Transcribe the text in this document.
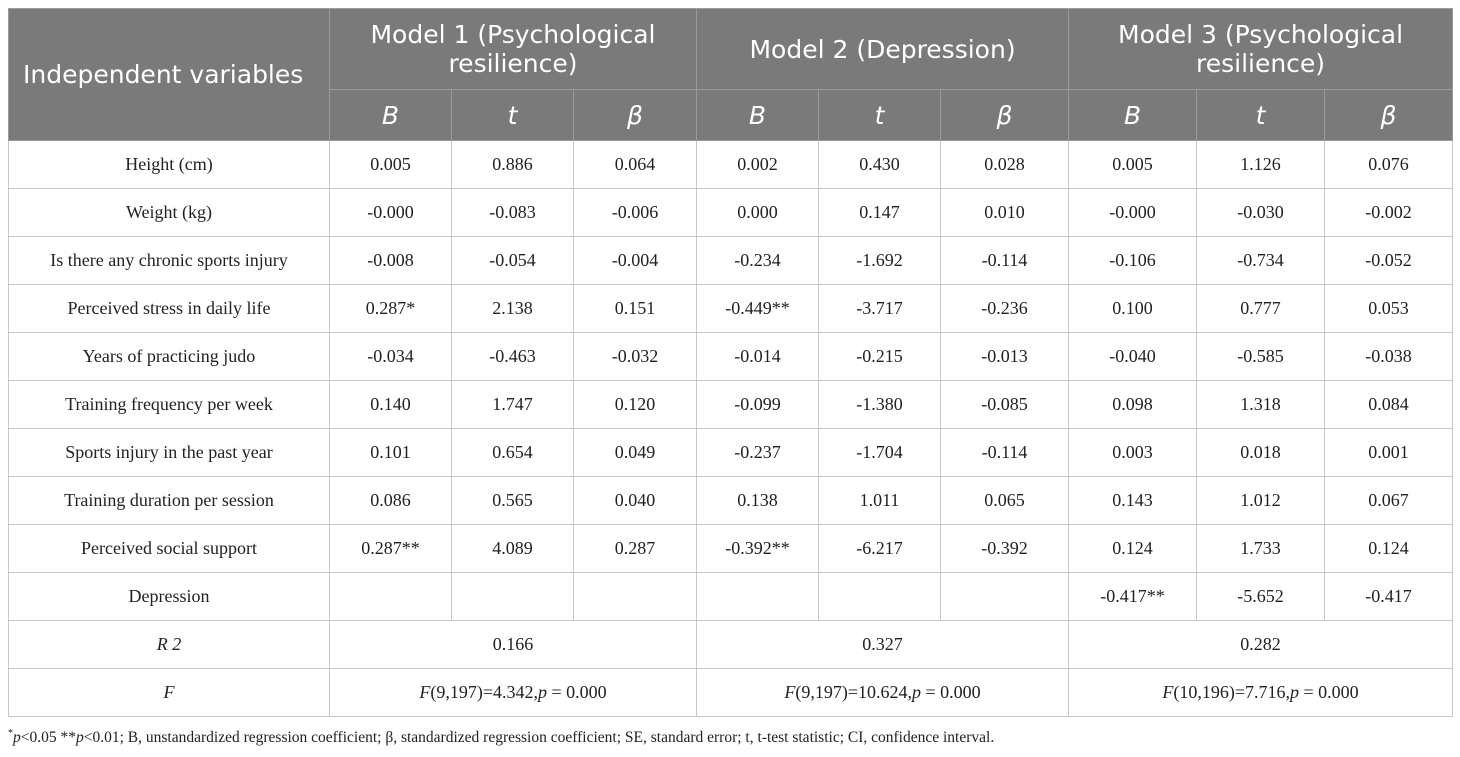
Independent variables	Model 1 (Psychological resilience)			Model 2 (Depression)			Model 3 (Psychological resilience)		
	B	t	β	B	t	β	B	t	β
Height (cm)	0.005	0.886	0.064	0.002	0.430	0.028	0.005	1.126	0.076
Weight (kg)	-0.000	-0.083	-0.006	0.000	0.147	0.010	-0.000	-0.030	-0.002
Is there any chronic sports injury	-0.008	-0.054	-0.004	-0.234	-1.692	-0.114	-0.106	-0.734	-0.052
Perceived stress in daily life	0.287*	2.138	0.151	-0.449**	-3.717	-0.236	0.100	0.777	0.053
Years of practicing judo	-0.034	-0.463	-0.032	-0.014	-0.215	-0.013	-0.040	-0.585	-0.038
Training frequency per week	0.140	1.747	0.120	-0.099	-1.380	-0.085	0.098	1.318	0.084
Sports injury in the past year	0.101	0.654	0.049	-0.237	-1.704	-0.114	0.003	0.018	0.001
Training duration per session	0.086	0.565	0.040	0.138	1.011	0.065	0.143	1.012	0.067
Perceived social support	0.287**	4.089	0.287	-0.392**	-6.217	-0.392	0.124	1.733	0.124
Depression							-0.417**	-5.652	-0.417
R 2	0.166			0.327			0.282		
F	F(9,197)=4.342,p = 0.000			F(9,197)=10.624,p = 0.000			F(10,196)=7.716,p = 0.000		
*p<0.05 **p<0.01; B, unstandardized regression coefficient; β, standardized regression coefficient; SE, standard error; t, t-test statistic; CI, confidence interval.
